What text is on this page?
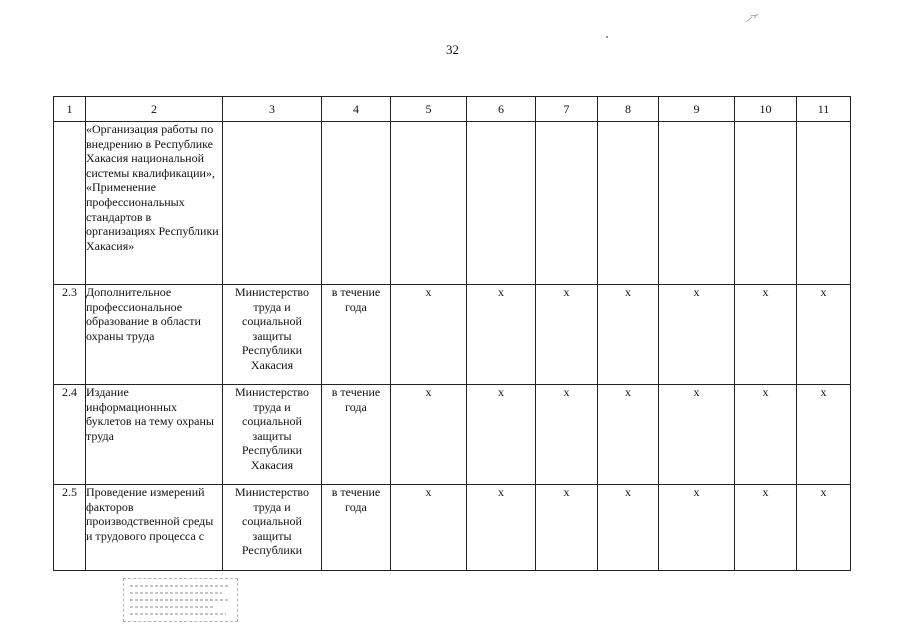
32
1	2	3	4	5	6	7	8	9	10	11
	«Организация работы по внедрению в Республике Хакасия национальной системы квалификации», «Применение профессиональных стандартов в организациях Республики Хакасия»									
2.3	Дополнительное профессиональное образование в области охраны труда	Министерство труда и социальной защиты Республики Хакасия	в течение года	х	х	х	х	х	х	х
2.4	Издание информационных буклетов на тему охраны труда	Министерство труда и социальной защиты Республики Хакасия	в течение года	х	х	х	х	х	х	х
2.5	Проведение измерений факторов производственной среды и трудового процесса с	Министерство труда и социальной защиты Республики	в течение года	х	х	х	х	х	х	х
